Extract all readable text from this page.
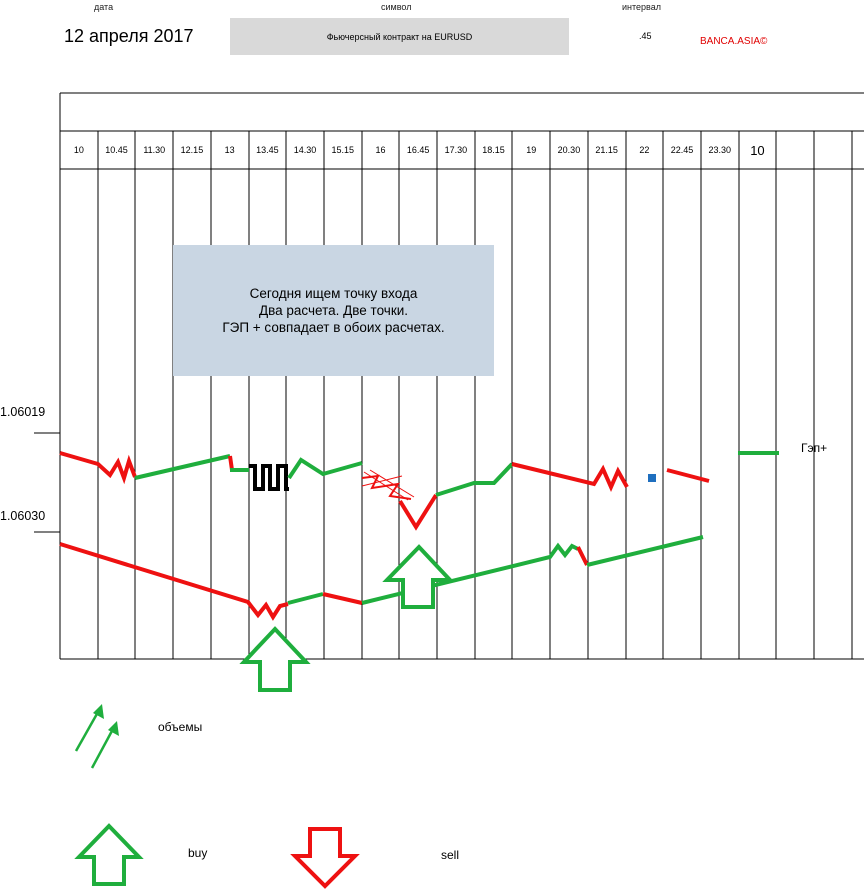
дата
12 апреля 2017
символ
Фьючерсный контракт на EURUSD
интервал
.45	BANCA.ASIA©
1.06019
1.06030
10 10.45 11.30 12.15 13 13.45 14.30 15.15 16 16.45 17.30 18.15 19 20.30 21.15 22 22.45 23.30 10
Сегодня ищем точку входа
Два расчета. Две точки.
ГЭП + совпадает в обоих расчетах.
Гэп+
объемы
buy	sell
